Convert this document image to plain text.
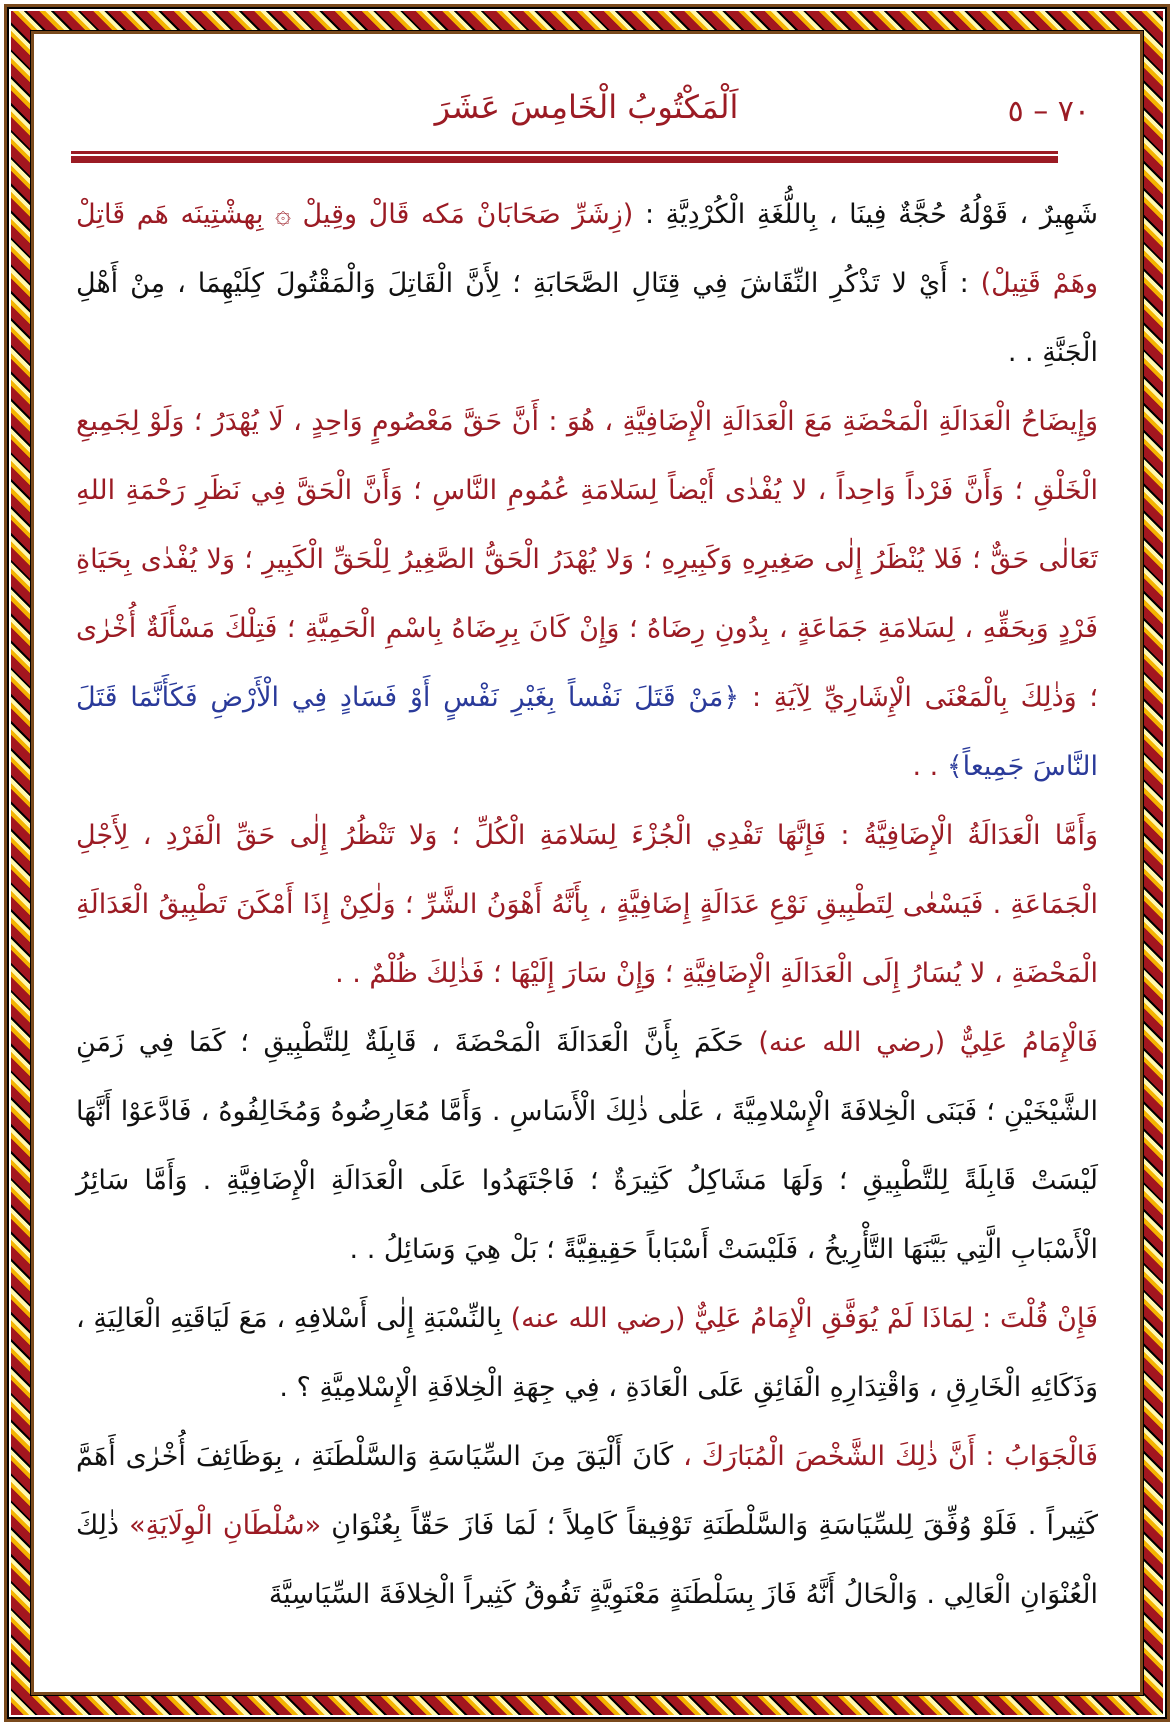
٧٠ – ٥
اَلْمَكْتُوبُ الْخَامِسَ عَشَرَ

شَهِيرٌ ، قَوْلُهُ حُجَّةٌ فِينَا ، بِاللُّغَةِ الْكُرْدِيَّةِ : (زِشَرِّ صَحَابَانْ مَكه قَالْ وقِيلْ ۞ بِهشْتِينَه هَم قَاتِلْ وهَمْ قَتِيلْ) : أَيْ لا تَذْكُرِ النِّقَاشَ فِي قِتَالِ الصَّحَابَةِ ؛ لِأَنَّ الْقَاتِلَ وَالْمَقْتُولَ كِلَيْهِمَا ، مِنْ أَهْلِ الْجَنَّةِ . .

وَإِيضَاحُ الْعَدَالَةِ الْمَحْضَةِ مَعَ الْعَدَالَةِ الْإِضَافِيَّةِ ، هُوَ : أَنَّ حَقَّ مَعْصُومٍ وَاحِدٍ ، لَا يُهْدَرُ ؛ وَلَوْ لِجَمِيعِ الْخَلْقِ ؛ وَأَنَّ فَرْداً وَاحِداً ، لا يُفْدٰى أَيْضاً لِسَلامَةِ عُمُومِ النَّاسِ ؛ وَأَنَّ الْحَقَّ فِي نَظَرِ رَحْمَةِ اللهِ تَعَالٰى حَقٌّ ؛ فَلا يُنْظَرُ إِلٰى صَغِيرِهِ وَكَبِيرِهِ ؛ وَلا يُهْدَرُ الْحَقُّ الصَّغِيرُ لِلْحَقِّ الْكَبِيرِ ؛ وَلا يُفْدٰى بِحَيَاةِ فَرْدٍ وَبِحَقِّهِ ، لِسَلامَةِ جَمَاعَةٍ ، بِدُونِ رِضَاهُ ؛ وَإِنْ كَانَ بِرِضَاهُ بِاسْمِ الْحَمِيَّةِ ؛ فَتِلْكَ مَسْأَلَةٌ أُخْرٰى ؛ وَذٰلِكَ بِالْمَعْنَى الْإِشَارِيِّ لِآيَةِ : ﴿مَنْ قَتَلَ نَفْساً بِغَيْرِ نَفْسٍ أَوْ فَسَادٍ فِي الْأَرْضِ فَكَأَنَّمَا قَتَلَ النَّاسَ جَمِيعاً﴾ . .

وَأَمَّا الْعَدَالَةُ الْإِضَافِيَّةُ : فَإِنَّهَا تَفْدِي الْجُزْءَ لِسَلامَةِ الْكُلِّ ؛ وَلا تَنْظُرُ إِلٰى حَقِّ الْفَرْدِ ، لِأَجْلِ الْجَمَاعَةِ . فَيَسْعٰى لِتَطْبِيقِ نَوْعِ عَدَالَةٍ إِضَافِيَّةٍ ، بِأَنَّهُ أَهْوَنُ الشَّرِّ ؛ وَلٰكِنْ إِذَا أَمْكَنَ تَطْبِيقُ الْعَدَالَةِ الْمَحْضَةِ ، لا يُسَارُ إِلَى الْعَدَالَةِ الْإِضَافِيَّةِ ؛ وَإِنْ سَارَ إِلَيْهَا ؛ فَذٰلِكَ ظُلْمٌ . .

فَالْإِمَامُ عَلِيٌّ (رضي الله عنه) حَكَمَ بِأَنَّ الْعَدَالَةَ الْمَحْضَةَ ، قَابِلَةٌ لِلتَّطْبِيقِ ؛ كَمَا فِي زَمَنِ الشَّيْخَيْنِ ؛ فَبَنَى الْخِلافَةَ الْإِسْلامِيَّةَ ، عَلٰى ذٰلِكَ الْأَسَاسِ . وَأَمَّا مُعَارِضُوهُ وَمُخَالِفُوهُ ، فَادَّعَوْا أَنَّهَا لَيْسَتْ قَابِلَةً لِلتَّطْبِيقِ ؛ وَلَهَا مَشَاكِلُ كَثِيرَةٌ ؛ فَاجْتَهَدُوا عَلَى الْعَدَالَةِ الْإِضَافِيَّةِ . وَأَمَّا سَائِرُ الْأَسْبَابِ الَّتِي بَيَّنَهَا التَّأْرِيخُ ، فَلَيْسَتْ أَسْبَاباً حَقِيقِيَّةً ؛ بَلْ هِيَ وَسَائِلُ . .

فَإِنْ قُلْتَ : لِمَاذَا لَمْ يُوَفَّقِ الْإِمَامُ عَلِيٌّ (رضي الله عنه) بِالنِّسْبَةِ إِلٰى أَسْلافِهِ ، مَعَ لَيَاقَتِهِ الْعَالِيَةِ ، وَذَكَائِهِ الْخَارِقِ ، وَاقْتِدَارِهِ الْفَائِقِ عَلَى الْعَادَةِ ، فِي جِهَةِ الْخِلافَةِ الْإِسْلامِيَّةِ ؟ .

فَالْجَوَابُ : أَنَّ ذٰلِكَ الشَّخْصَ الْمُبَارَكَ ، كَانَ أَلْيَقَ مِنَ السِّيَاسَةِ وَالسَّلْطَنَةِ ، بِوَظَائِفَ أُخْرٰى أَهَمَّ كَثِيراً . فَلَوْ وُفِّقَ لِلسِّيَاسَةِ وَالسَّلْطَنَةِ تَوْفِيقاً كَامِلاً ؛ لَمَا فَازَ حَقّاً بِعُنْوَانِ «سُلْطَانِ الْوِلَايَةِ» ذٰلِكَ الْعُنْوَانِ الْعَالِي . وَالْحَالُ أَنَّهُ فَازَ بِسَلْطَنَةٍ مَعْنَوِيَّةٍ تَفُوقُ كَثِيراً الْخِلافَةَ السِّيَاسِيَّةَ
